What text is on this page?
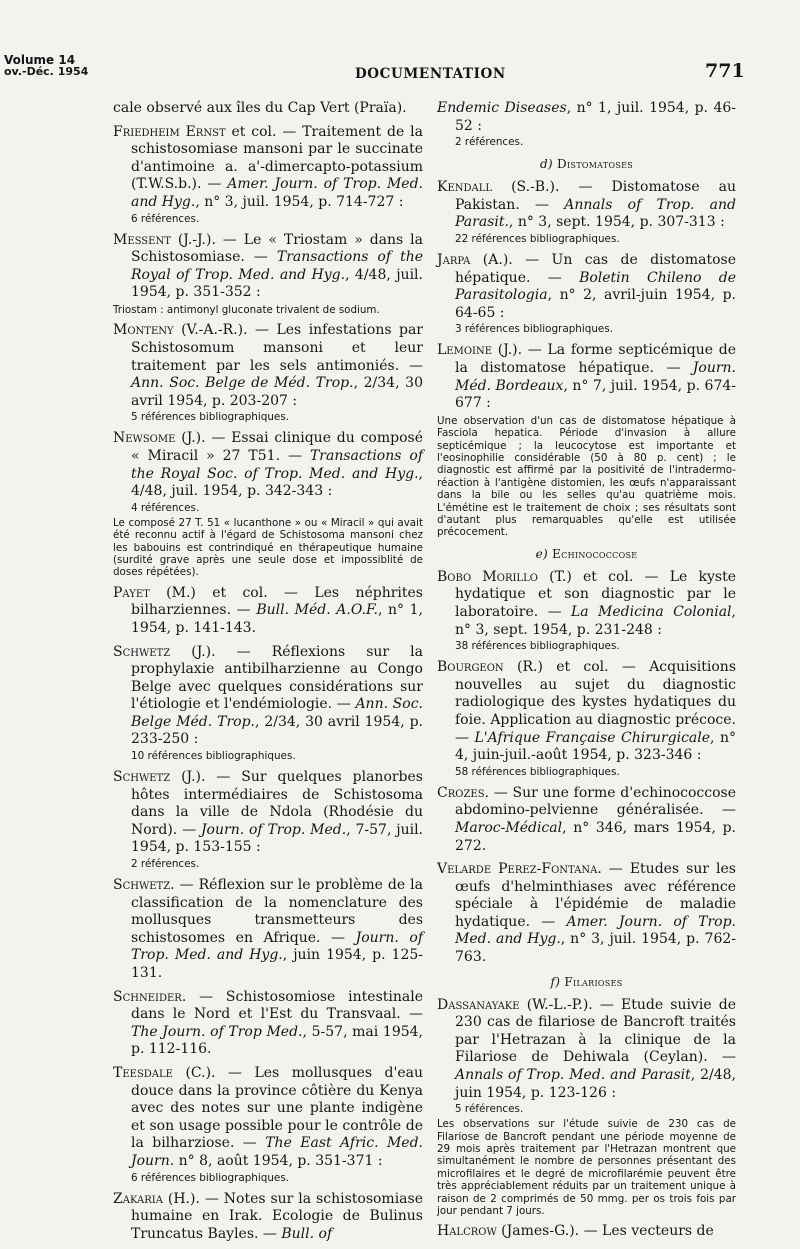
Volume 14
ov.-Déc. 1954	DOCUMENTATION	771

cale observé aux îles du Cap Vert (Praïa).

Friedheim Ernst et col. — Traitement de la schistosomiase mansoni par le succinate d'antimoine a. a'-dimercapto-potassium (T.W.S.b.). — Amer. Journ. of Trop. Med. and Hyg., n° 3, juil. 1954, p. 714-727 :

6 références.

Messent (J.-J.). — Le « Triostam » dans la Schistosomiase. — Transactions of the Royal of Trop. Med. and Hyg., 4/48, juil. 1954, p. 351-352 :

Triostam : antimonyl gluconate trivalent de sodium.

Monteny (V.-A.-R.). — Les infestations par Schistosomum mansoni et leur traitement par les sels antimoniés. — Ann. Soc. Belge de Méd. Trop., 2/34, 30 avril 1954, p. 203-207 :

5 références bibliographiques.

Newsome (J.). — Essai clinique du composé « Miracil » 27 T51. — Transactions of the Royal Soc. of Trop. Med. and Hyg., 4/48, juil. 1954, p. 342-343 :

4 références.
Le composé 27 T. 51 « lucanthone » ou « Miracil » qui avait été reconnu actif à l'égard de Schistosoma mansoni chez les babouins est contrindiqué en thérapeutique humaine (surdité grave après une seule dose et impossiblité de doses répétées).

Payet (M.) et col. — Les néphrites bilharziennes. — Bull. Méd. A.O.F., n° 1, 1954, p. 141-143.

Schwetz (J.). — Réflexions sur la prophylaxie antibilharzienne au Congo Belge avec quelques considérations sur l'étiologie et l'endémiologie. — Ann. Soc. Belge Méd. Trop., 2/34, 30 avril 1954, p. 233-250 :

10 références bibliographiques.

Schwetz (J.). — Sur quelques planorbes hôtes intermédiaires de Schistosoma dans la ville de Ndola (Rhodésie du Nord). — Journ. of Trop. Med., 7-57, juil. 1954, p. 153-155 :

2 références.

Schwetz. — Réflexion sur le problème de la classification de la nomenclature des mollusques transmetteurs des schistosomes en Afrique. — Journ. of Trop. Med. and Hyg., juin 1954, p. 125-131.

Schneider. — Schistosomiose intestinale dans le Nord et l'Est du Transvaal. — The Journ. of Trop Med., 5-57, mai 1954, p. 112-116.

Teesdale (C.). — Les mollusques d'eau douce dans la province côtière du Kenya avec des notes sur une plante indigène et son usage possible pour le contrôle de la bilharziose. — The East Afric. Med. Journ. n° 8, août 1954, p. 351-371 :

6 références bibliographiques.

Zakaria (H.). — Notes sur la schistosomiase humaine en Irak. Ecologie de Bulinus Truncatus Bayles. — Bull. of

Endemic Diseases, n° 1, juil. 1954, p. 46-52 :

2 références.
d) Distomatoses

Kendall (S.-B.). — Distomatose au Pakistan. — Annals of Trop. and Parasit., n° 3, sept. 1954, p. 307-313 :

22 références bibliographiques.

Jarpa (A.). — Un cas de distomatose hépatique. — Boletin Chileno de Parasitologia, n° 2, avril-juin 1954, p. 64-65 :

3 références bibliographiques.

Lemoine (J.). — La forme septicémique de la distomatose hépatique. — Journ. Méd. Bordeaux, n° 7, juil. 1954, p. 674-677 :

Une observation d'un cas de distomatose hépatique à Fasciola hepatica. Période d'invasion à allure septicémique ; la leucocytose est importante et l'eosinophilie considérable (50 à 80 p. cent) ; le diagnostic est affirmé par la positivité de l'intradermo-réaction à l'antigène distomien, les œufs n'apparaissant dans la bile ou les selles qu'au quatrième mois. L'émétine est le traitement de choix ; ses résultats sont d'autant plus remarquables qu'elle est utilisée précocement.
e) Echinococcose

Bobo Morillo (T.) et col. — Le kyste hydatique et son diagnostic par le laboratoire. — La Medicina Colonial, n° 3, sept. 1954, p. 231-248 :

38 références bibliographiques.

Bourgeon (R.) et col. — Acquisitions nouvelles au sujet du diagnostic radiologique des kystes hydatiques du foie. Application au diagnostic précoce. — L'Afrique Française Chirurgicale, n° 4, juin-juil.-août 1954, p. 323-346 :

58 références bibliographiques.

Crozes. — Sur une forme d'echinococcose abdomino-pelvienne généralisée. — Maroc-Médical, n° 346, mars 1954, p. 272.

Velarde Perez-Fontana. — Etudes sur les œufs d'helminthiases avec référence spéciale à l'épidémie de maladie hydatique. — Amer. Journ. of Trop. Med. and Hyg., n° 3, juil. 1954, p. 762-763.

f) Filarioses

Dassanayake (W.-L.-P.). — Etude suivie de 230 cas de filariose de Bancroft traités par l'Hetrazan à la clinique de la Filariose de Dehiwala (Ceylan). — Annals of Trop. Med. and Parasit, 2/48, juin 1954, p. 123-126 :

5 références.
Les observations sur l'étude suivie de 230 cas de Filariose de Bancroft pendant une période moyenne de 29 mois après traitement par l'Hetrazan montrent que simultanément le nombre de personnes présentant des microfilaires et le degré de microfilarémie peuvent être très appréciablement réduits par un traitement unique à raison de 2 comprimés de 50 mmg. per os trois fois par jour pendant 7 jours.

Halcrow (James-G.). — Les vecteurs de
